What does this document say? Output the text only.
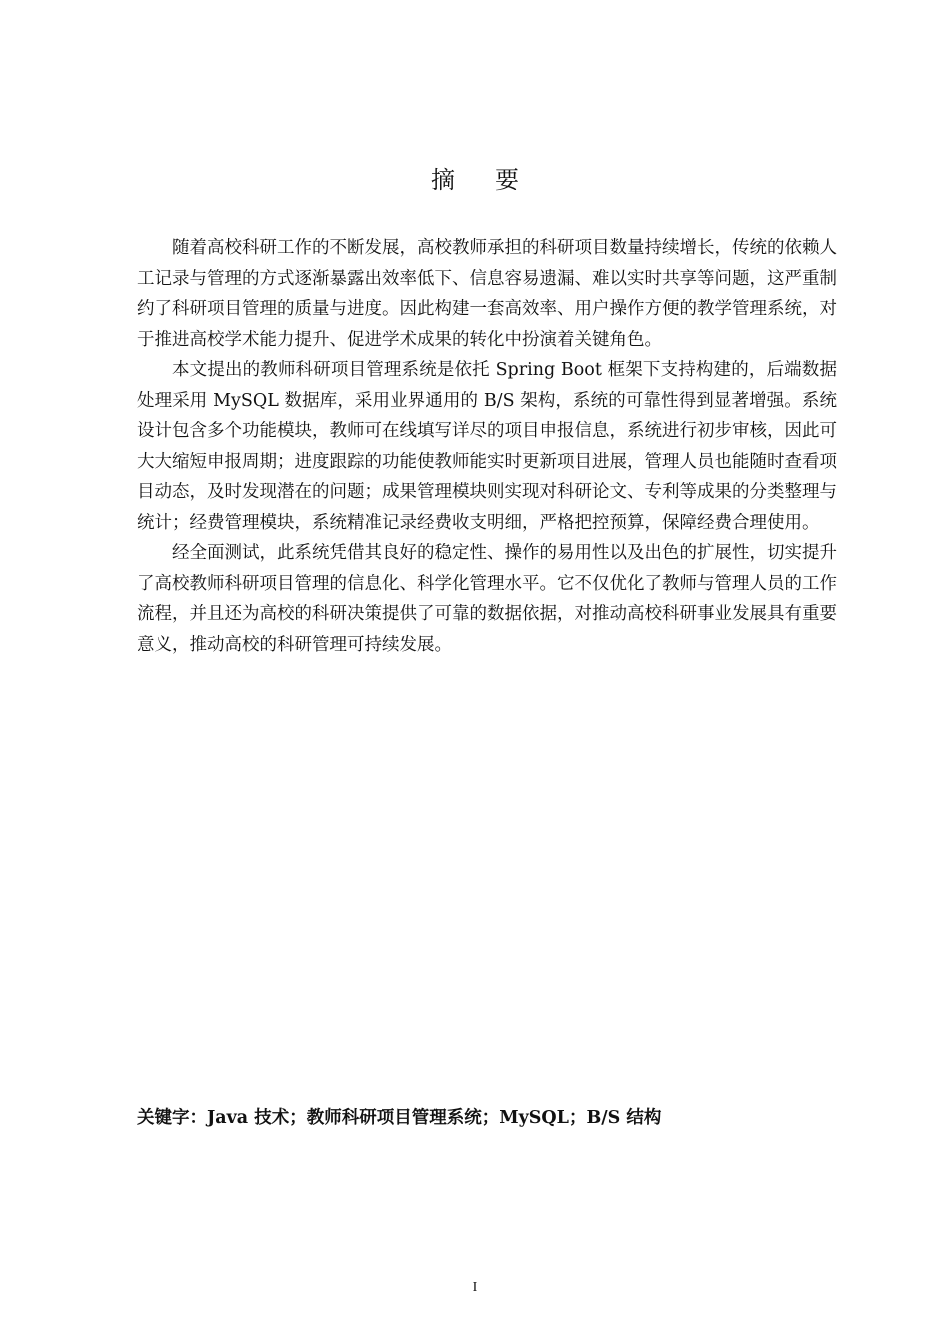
摘要

随着高校科研工作的不断发展，高校教师承担的科研项目数量持续增长，传统的依赖人工记录与管理的方式逐渐暴露出效率低下、信息容易遗漏、难以实时共享等问题，这严重制约了科研项目管理的质量与进度。因此构建一套高效率、用户操作方便的教学管理系统，对于推进高校学术能力提升、促进学术成果的转化中扮演着关键角色。

本文提出的教师科研项目管理系统是依托 Spring Boot 框架下支持构建的，后端数据处理采用 MySQL 数据库，采用业界通用的 B/S 架构，系统的可靠性得到显著增强。系统设计包含多个功能模块，教师可在线填写详尽的项目申报信息，系统进行初步审核，因此可大大缩短申报周期；进度跟踪的功能使教师能实时更新项目进展，管理人员也能随时查看项目动态，及时发现潜在的问题；成果管理模块则实现对科研论文、专利等成果的分类整理与统计；经费管理模块，系统精准记录经费收支明细，严格把控预算，保障经费合理使用。

经全面测试，此系统凭借其良好的稳定性、操作的易用性以及出色的扩展性，切实提升了高校教师科研项目管理的信息化、科学化管理水平。它不仅优化了教师与管理人员的工作流程，并且还为高校的科研决策提供了可靠的数据依据，对推动高校科研事业发展具有重要意义，推动高校的科研管理可持续发展。

关键字：Java 技术；教师科研项目管理系统；MySQL；B/S 结构
I
